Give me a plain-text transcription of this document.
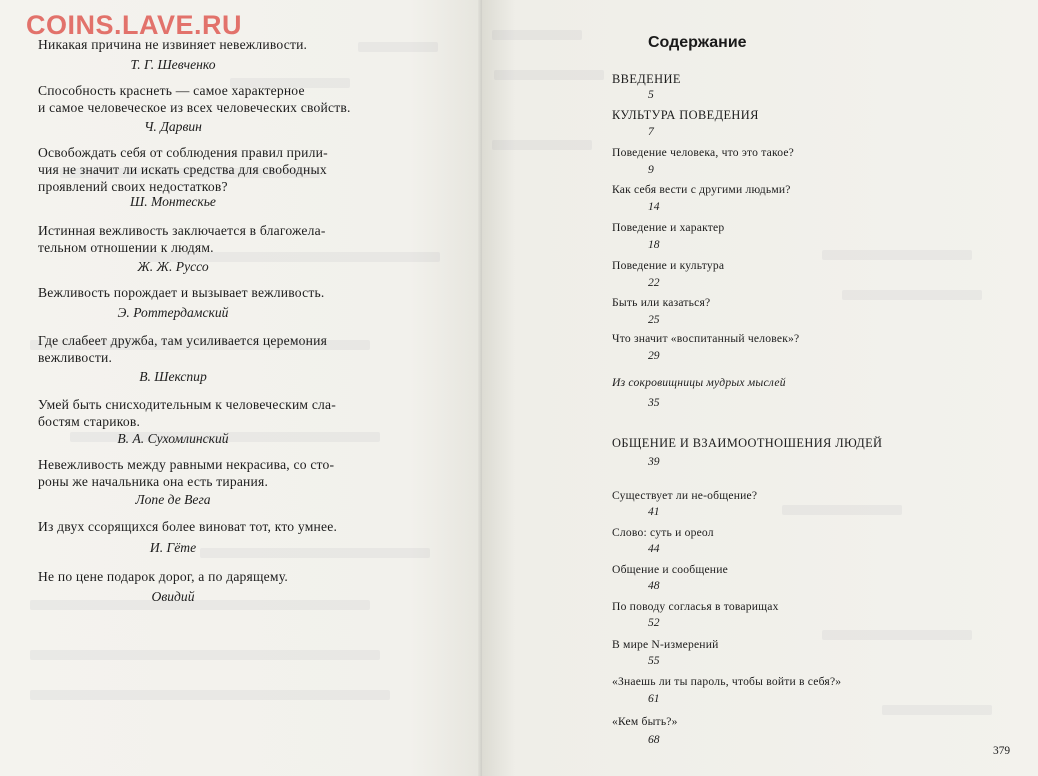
COINS.LAVE.RU
Никакая причина не извиняет невежливости.
Т. Г. Шевченко
Способность краснеть — самое характерное
и самое человеческое из всех человеческих свойств.
Ч. Дарвин
Освобождать себя от соблюдения правил прили-
чия не значит ли искать средства для свободных
проявлений своих недостатков?
Ш. Монтескье
Истинная вежливость заключается в благожела-
тельном отношении к людям.
Ж. Ж. Руссо
Вежливость порождает и вызывает вежливость.
Э. Роттердамский
Где слабеет дружба, там усиливается церемония
вежливости.
В. Шекспир
Умей быть снисходительным к человеческим сла-
бостям стариков.
В. А. Сухомлинский
Невежливость между равными некрасива, со сто-
роны же начальника она есть тирания.
Лопе де Вега
Из двух ссорящихся более виноват тот, кто умнее.
И. Гёте
Не по цене подарок дорог, а по дарящему.
Овидий
Содержание
ВВЕДЕНИЕ
5
КУЛЬТУРА ПОВЕДЕНИЯ
7
Поведение человека, что это такое?
9
Как себя вести с другими людьми?
14
Поведение и характер
18
Поведение и культура
22
Быть или казаться?
25
Что значит «воспитанный человек»?
29
Из сокровищницы мудрых мыслей
35
ОБЩЕНИЕ И ВЗАИМООТНОШЕНИЯ ЛЮДЕЙ
39
Существует ли не-общение?
41
Слово: суть и ореол
44
Общение и сообщение
48
По поводу согласья в товарищах
52
В мире N-измерений
55
«Знаешь ли ты пароль, чтобы войти в себя?»
61
«Кем быть?»
68
379
